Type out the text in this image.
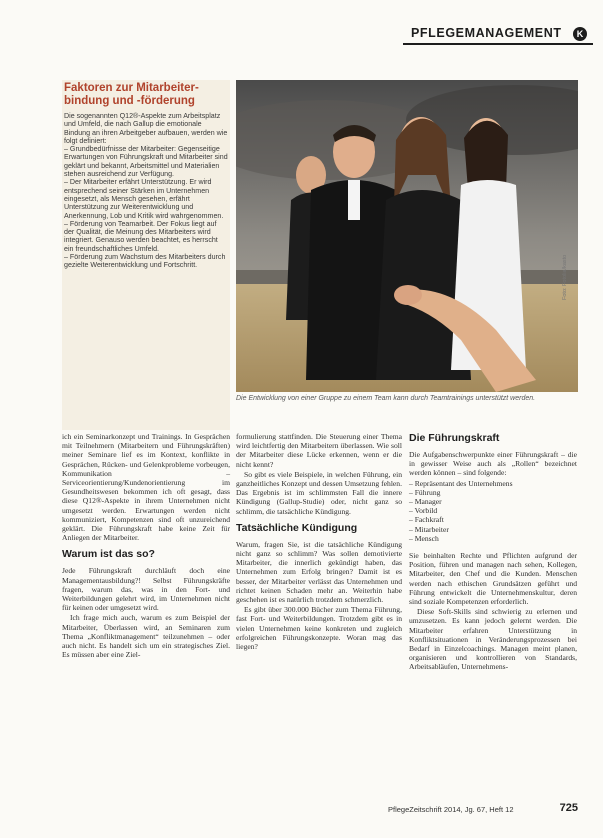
PFLEGEMANAGEMENT	K
Faktoren zur Mitarbeiter-bindung und -förderung

Die sogenannten Q12®-Aspekte zum Arbeitsplatz und Umfeld, die nach Gallup die emotionale Bindung an ihren Arbeitgeber aufbauen, werden wie folgt definiert:

– Grundbedürfnisse der Mitarbeiter: Gegenseitige Erwartungen von Führungskraft und Mitarbeiter sind geklärt und bekannt, Arbeitsmittel und Materialien stehen ausreichend zur Verfügung.
– Der Mitarbeiter erfährt Unterstützung. Er wird entsprechend seiner Stärken im Unternehmen eingesetzt, als Mensch gesehen, erfährt Unterstützung zur Weiterentwicklung und Anerkennung, Lob und Kritik wird wahrgenommen.
– Förderung von Teamarbeit. Der Fokus liegt auf der Qualität, die Meinung des Mitarbeiters wird integriert. Genauso werden beachtet, es herrscht ein freundschaftliches Umfeld.
– Förderung zum Wachstum des Mitarbeiters durch gezielte Weiterentwicklung und Fortschritt.
Die Entwicklung von einer Gruppe zu einem Team kann durch Teamtrainings unterstützt werden.
Foto: Fotolia/kasto

ich ein Seminarkonzept und Trainings. In Gesprächen mit Teilnehmern (Mitarbeitern und Führungskräften) meiner Seminare lief es im Kontext, konflikte in Gesprächen, Rücken- und Gelenkprobleme vorbeugen, Kommunikation – Serviceorientierung/Kundenorientierung im Gesundheitswesen bekommen ich oft gesagt, dass diese Q12®-Aspekte in ihrem Unternehmen nicht umgesetzt werden. Erwartungen werden nicht kommuniziert, Kompetenzen sind oft unzureichend geklärt. Die Führungskraft habe keine Zeit für Anliegen der Mitarbeiter.

Warum ist das so?

Jede Führungskraft durchläuft doch eine Managementausbildung?! Selbst Führungskräfte fragen, warum das, was in den Fort- und Weiterbildungen gelehrt wird, im Unternehmen nicht für keinen oder umgesetzt wird.

Ich frage mich auch, warum es zum Beispiel der Mitarbeiter, Überlassen wird, an Seminaren zum Thema „Konfliktmanagement“ teilzunehmen – oder auch nicht. Es handelt sich um ein strategisches Ziel. Es müssen aber eine Ziel-

formulierung stattfinden. Die Steuerung einer Thema wird leichtfertig den Mitarbeitern überlassen. Wie soll der Mitarbeiter diese Lücke erkennen, wenn er die nicht kennt?

So gibt es viele Beispiele, in welchen Führung, ein ganzheitliches Konzept und dessen Umsetzung fehlen. Das Ergebnis ist im schlimmsten Fall die innere Kündigung (Gallup-Studie) oder, nicht ganz so schlimm, die tatsächliche Kündigung.

Tatsächliche Kündigung

Warum, fragen Sie, ist die tatsächliche Kündigung nicht ganz so schlimm? Was sollen demotivierte Mitarbeiter, die innerlich gekündigt haben, das Unternehmen zum Erfolg bringen? Damit ist es besser, der Mitarbeiter verlässt das Unternehmen und richtet keinen Schaden mehr an. Weiterhin habe geschehen ist es natürlich trotzdem schmerzlich.

Es gibt über 300.000 Bücher zum Thema Führung, fast Fort- und Weiterbildungen. Trotzdem gibt es in vielen Unternehmen keine konkreten und zugleich erfolgreichen Führungskonzepte. Woran mag das liegen?

Die Führungskraft

Die Aufgabenschwerpunkte einer Führungskraft – die in gewisser Weise auch als „Rollen“ bezeichnet werden können – sind folgende:

– Repräsentant des Unternehmens
– Führung
– Manager
– Vorbild
– Fachkraft
– Mitarbeiter
– Mensch

Sie beinhalten Rechte und Pflichten aufgrund der Position, führen und managen nach sehen, Kollegen, Mitarbeiter, den Chef und die Kunden. Menschen werden nach ethischen Grundsätzen geführt und Führung entwickelt die Unternehmenskultur, deren sind soziale Kompetenzen erforderlich.

Diese Soft-Skills sind schwierig zu erlernen und umzusetzen. Es kann jedoch gelernt werden. Die Mitarbeiter erfahren Unterstützung in Konfliktsituationen in Veränderungsprozessen bei Bedarf in Einzelcoachings. Managen meint planen, organisieren und kontrollieren von Standards, Arbeitsabläufen, Unternehmens-

PflegeZeitschrift 2014, Jg. 67, Heft 12	725
